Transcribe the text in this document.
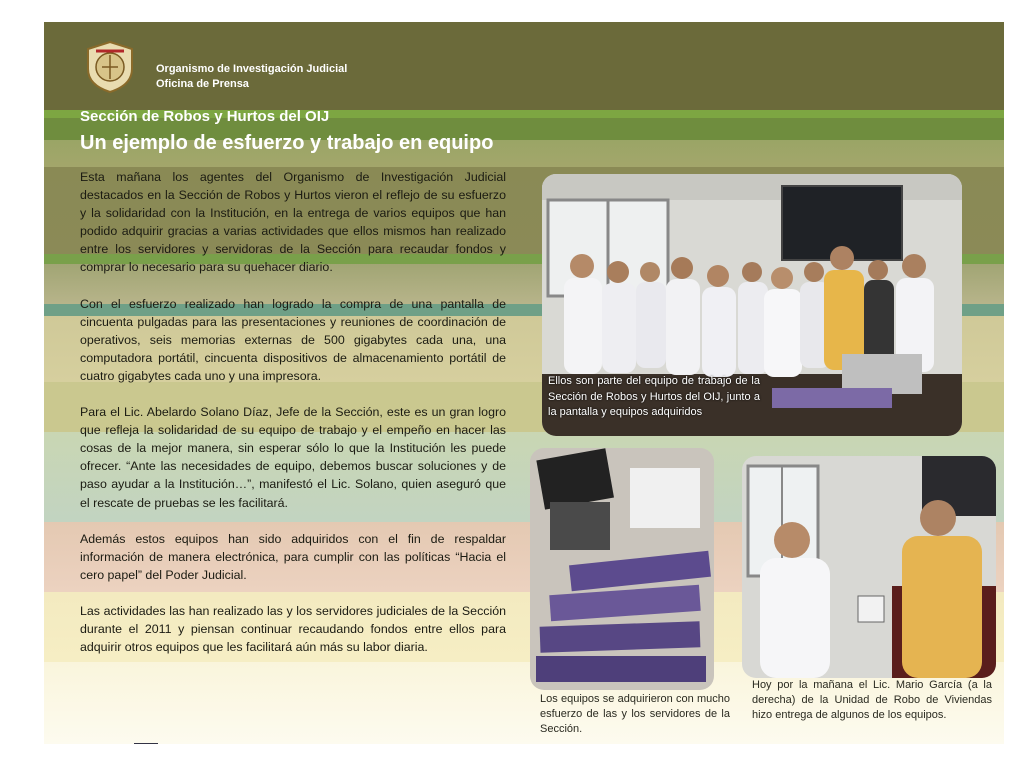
Organismo de Investigación Judicial
Oficina de Prensa
Sección de Robos y Hurtos del OIJ
Un ejemplo de esfuerzo y trabajo en equipo

Esta mañana los agentes del Organismo de Investigación Judicial destacados en la Sección de Robos y Hurtos vieron el reflejo de su esfuerzo y la solidaridad con la Institución, en la entrega de varios equipos que han podido adquirir gracias a varias actividades que ellos mismos han realizado entre los servidores y servidoras de la Sección para recaudar fondos y comprar lo necesario para su quehacer diario.

Con el esfuerzo realizado han logrado la compra de una pantalla de cincuenta pulgadas para las presentaciones y reuniones de coordinación de operativos, seis memorias externas de 500 gigabytes cada una, una computadora portátil, cincuenta dispositivos de almacenamiento portátil de cuatro gigabytes cada uno y una impresora.

Para el Lic. Abelardo Solano Díaz, Jefe de la Sección, este es un gran logro que refleja la solidaridad de su equipo de trabajo y el empeño en hacer las cosas de la mejor manera, sin esperar sólo lo que la Institución les puede ofrecer. “Ante las necesidades de equipo, debemos buscar soluciones y de paso ayudar a la Institución…”, manifestó el Lic. Solano, quien aseguró que el rescate de pruebas se les facilitará.

Además estos equipos han sido adquiridos con el fin de respaldar información de manera electrónica, para cumplir con las políticas “Hacia el cero papel” del Poder Judicial.

Las actividades las han realizado las y los servidores judiciales de la Sección durante el 2011 y piensan continuar recaudando fondos entre ellos para adquirir otros equipos que les facilitará aún más su labor diaria.

Ellos son parte del equipo de trabajo de la Sección de Robos y Hurtos del OIJ, junto a la pantalla y equipos adquiridos
Los equipos se adquirieron con mucho esfuerzo de las y los servidores de la Sección.
Hoy por la mañana el Lic. Mario García (a la derecha) de la Unidad de Robo de Viviendas hizo entrega de algunos de los equipos.
